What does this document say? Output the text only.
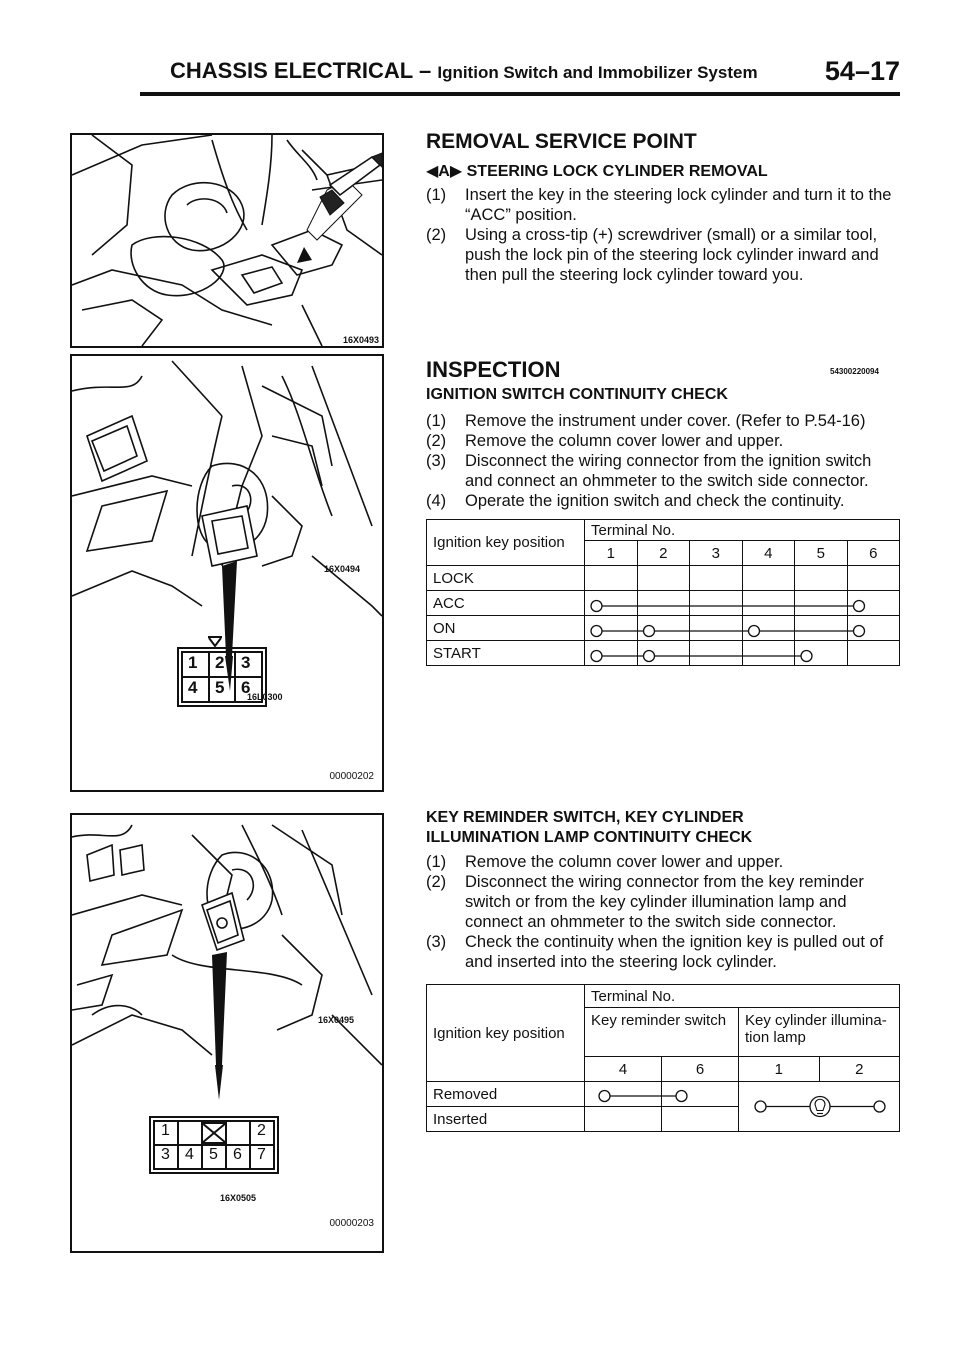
CHASSIS ELECTRICAL – Ignition Switch and Immobilizer System 54–17
16X0493
16X0494
1 2 3
4 5 6
16L0300
00000202
16X0495
1	2
3 4 5 6 7
16X0505
00000203
REMOVAL SERVICE POINT
◀A▶ STEERING LOCK CYLINDER REMOVAL
(1) Insert the key in the steering lock cylinder and turn it to the “ACC” position.
(2) Using a cross-tip (+) screwdriver (small) or a similar tool, push the lock pin of the steering lock cylinder inward and then pull the steering lock cylinder toward you.
INSPECTION	54300220094
IGNITION SWITCH CONTINUITY CHECK
(1) Remove the instrument under cover. (Refer to P.54-16)
(2) Remove the column cover lower and upper.
(3) Disconnect the wiring connector from the ignition switch and connect an ohmmeter to the switch side connector.
(4) Operate the ignition switch and check the continuity.
Ignition key position	Terminal No.					
	1	2	3	4	5	6
LOCK						
ACC						
ON						
START						
KEY REMINDER SWITCH, KEY CYLINDER
ILLUMINATION LAMP CONTINUITY CHECK
(1) Remove the column cover lower and upper.
(2) Disconnect the wiring connector from the key reminder switch or from the key cylinder illumination lamp and connect an ohmmeter to the switch side connector.
(3) Check the continuity when the ignition key is pulled out of and inserted into the steering lock cylinder.
Ignition key position	Terminal No.			
	Key reminder switch		Key cylinder illumina-
tion lamp	

	4	6	1	2
Removed				
Inserted				
